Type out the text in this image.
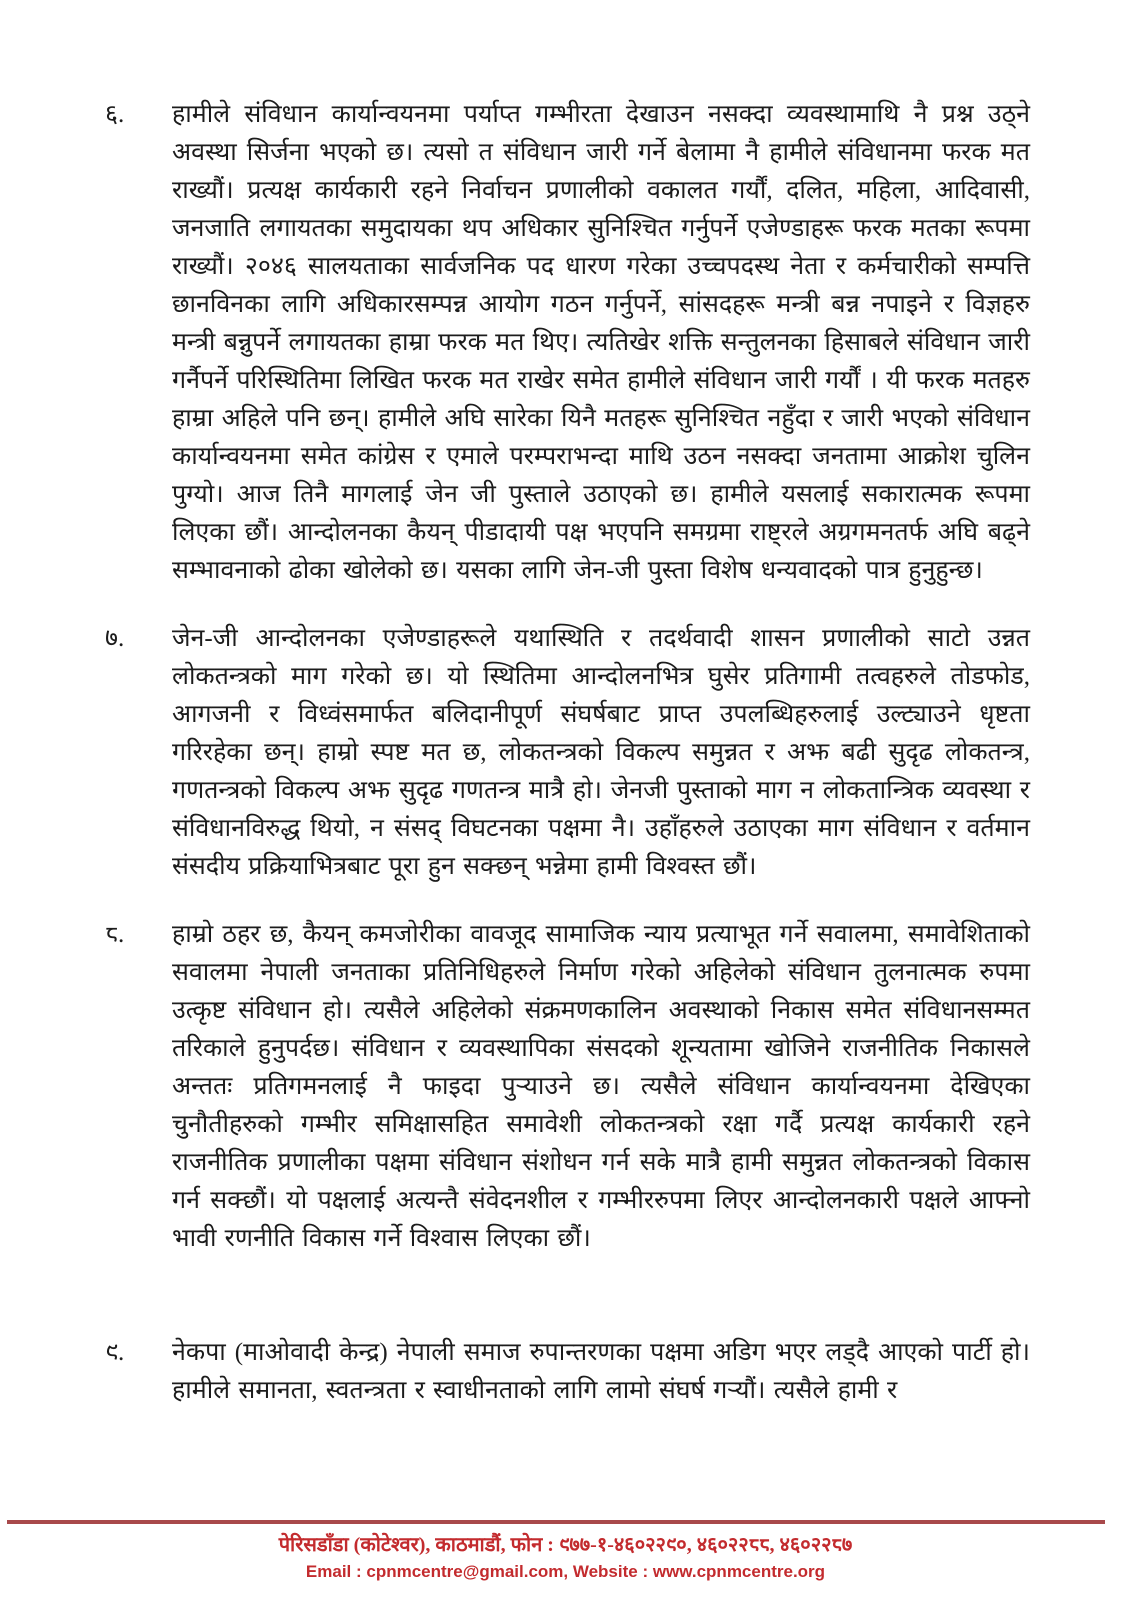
६.	हामीले संविधान कार्यान्वयनमा पर्याप्त गम्भीरता देखाउन नसक्दा व्यवस्थामाथि नै प्रश्न उठ्ने अवस्था सिर्जना भएको छ। त्यसो त संविधान जारी गर्ने बेलामा नै हामीले संविधानमा फरक मत राख्यौं। प्रत्यक्ष कार्यकारी रहने निर्वाचन प्रणालीको वकालत गर्यौं, दलित, महिला, आदिवासी, जनजाति लगायतका समुदायका थप अधिकार सुनिश्चित गर्नुपर्ने एजेण्डाहरू फरक मतका रूपमा राख्यौं। २०४६ सालयताका सार्वजनिक पद धारण गरेका उच्चपदस्थ नेता र कर्मचारीको सम्पत्ति छानविनका लागि अधिकारसम्पन्न आयोग गठन गर्नुपर्ने, सांसदहरू मन्त्री बन्न नपाइने र विज्ञहरु मन्त्री बन्नुपर्ने लगायतका हाम्रा फरक मत थिए। त्यतिखेर शक्ति सन्तुलनका हिसाबले संविधान जारी गर्नैपर्ने परिस्थितिमा लिखित फरक मत राखेर समेत हामीले संविधान जारी गर्यौं । यी फरक मतहरु हाम्रा अहिले पनि छन्। हामीले अघि सारेका यिनै मतहरू सुनिश्चित नहुँदा र जारी भएको संविधान कार्यान्वयनमा समेत कांग्रेस र एमाले परम्पराभन्दा माथि उठन नसक्दा जनतामा आक्रोश चुलिन पुग्यो। आज तिनै मागलाई जेन जी पुस्ताले उठाएको छ। हामीले यसलाई सकारात्मक रूपमा लिएका छौं। आन्दोलनका कैयन् पीडादायी पक्ष भएपनि समग्रमा राष्ट्रले अग्रगमनतर्फ अघि बढ्ने सम्भावनाको ढोका खोलेको छ। यसका लागि जेन-जी पुस्ता विशेष धन्यवादको पात्र हुनुहुन्छ।
७.	जेन-जी आन्दोलनका एजेण्डाहरूले यथास्थिति र तदर्थवादी शासन प्रणालीको साटो उन्नत लोकतन्त्रको माग गरेको छ। यो स्थितिमा आन्दोलनभित्र घुसेर प्रतिगामी तत्वहरुले तोडफोड, आगजनी र विध्वंसमार्फत बलिदानीपूर्ण संघर्षबाट प्राप्त उपलब्धिहरुलाई उल्ट्याउने धृष्टता गरिरहेका छन्। हाम्रो स्पष्ट मत छ, लोकतन्त्रको विकल्प समुन्नत र अझ बढी सुदृढ लोकतन्त्र, गणतन्त्रको विकल्प अझ सुदृढ गणतन्त्र मात्रै हो। जेनजी पुस्ताको माग न लोकतान्त्रिक व्यवस्था र संविधानविरुद्ध थियो, न संसद् विघटनका पक्षमा नै। उहाँहरुले उठाएका माग संविधान र वर्तमान संसदीय प्रक्रियाभित्रबाट पूरा हुन सक्छन् भन्नेमा हामी विश्वस्त छौं।
८.	हाम्रो ठहर छ, कैयन् कमजोरीका वावजूद सामाजिक न्याय प्रत्याभूत गर्ने सवालमा, समावेशिताको सवालमा नेपाली जनताका प्रतिनिधिहरुले निर्माण गरेको अहिलेको संविधान तुलनात्मक रुपमा उत्कृष्ट संविधान हो। त्यसैले अहिलेको संक्रमणकालिन अवस्थाको निकास समेत संविधानसम्मत तरिकाले हुनुपर्दछ। संविधान र व्यवस्थापिका संसदको शून्यतामा खोजिने राजनीतिक निकासले अन्ततः प्रतिगमनलाई नै फाइदा पुऱ्याउने छ। त्यसैले संविधान कार्यान्वयनमा देखिएका चुनौतीहरुको गम्भीर समिक्षासहित समावेशी लोकतन्त्रको रक्षा गर्दै प्रत्यक्ष कार्यकारी रहने राजनीतिक प्रणालीका पक्षमा संविधान संशोधन गर्न सके मात्रै हामी समुन्नत लोकतन्त्रको विकास गर्न सक्छौं। यो पक्षलाई अत्यन्तै संवेदनशील र गम्भीररुपमा लिएर आन्दोलनकारी पक्षले आफ्नो भावी रणनीति विकास गर्ने विश्वास लिएका छौं।
९.	नेकपा (माओवादी केन्द्र) नेपाली समाज रुपान्तरणका पक्षमा अडिग भएर लड्दै आएको पार्टी हो। हामीले समानता, स्वतन्त्रता र स्वाधीनताको लागि लामो संघर्ष गऱ्यौं। त्यसैले हामी र
पेरिसडाँडा (कोटेश्वर), काठमाडौं, फोन : ९७७-१-४६०२२९०, ४६०२२८८, ४६०२२८७
Email : cpnmcentre@gmail.com, Website : www.cpnmcentre.org
